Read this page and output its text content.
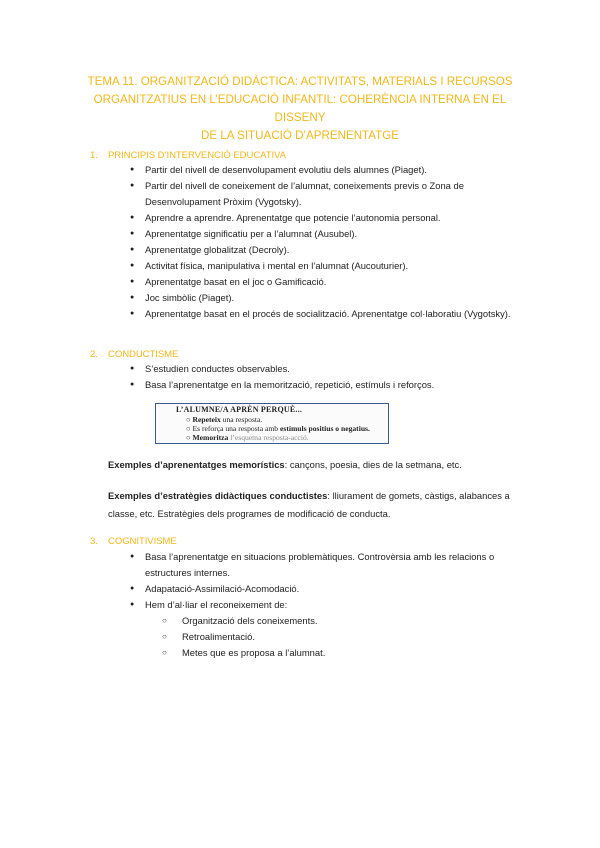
TEMA 11. ORGANITZACIÓ DIDÀCTICA: ACTIVITATS, MATERIALS I RECURSOS
ORGANITZATIUS EN L’EDUCACIÓ INFANTIL: COHERÈNCIA INTERNA EN EL DISSENY
DE LA SITUACIÓ D’APRENENTATGE
1. PRINCIPIS D’INTERVENCIÓ EDUCATIVA
● Partir del nivell de desenvolupament evolutiu dels alumnes (Piaget).
● Partir del nivell de coneixement de l’alumnat, coneixements previs o Zona de Desenvolupament Pròxim (Vygotsky).
● Aprendre a aprendre. Aprenentatge que potencie l’autonomia personal.
● Aprenentatge significatiu per a l’alumnat (Ausubel).
● Aprenentatge globalitzat (Decroly).
● Activitat física, manipulativa i mental en l’alumnat (Aucouturier).
● Aprenentatge basat en el joc o Gamificació.
● Joc simbòlic (Piaget).
● Aprenentatge basat en el procés de socialització. Aprenentatge col·laboratiu (Vygotsky).
2. CONDUCTISME
● S’estudien conductes observables.
● Basa l’aprenentatge en la memorització, repetició, estímuls i reforços.
L’ALUMNE/A APRÈN PERQUÈ...
○ Repeteix una resposta.
○ Es reforça una resposta amb estímuls positius o negatius.
○ Memoritza l’esquema resposta-acció.
Exemples d’aprenentatges memorístics: cançons, poesia, dies de la setmana, etc.
Exemples d’estratègies didàctiques conductistes: lliurament de gomets, càstigs, alabances a classe, etc. Estratègies dels programes de modificació de conducta.
3. COGNITIVISME
● Basa l’aprenentatge en situacions problemàtiques. Controvèrsia amb les relacions o estructures internes.
● Adapatació-Assimilació-Acomodació.
● Hem d’al·liar el reconeixement de:
○ Organització dels coneixements.
○ Retroalimentació.
○ Metes que es proposa a l’alumnat.
